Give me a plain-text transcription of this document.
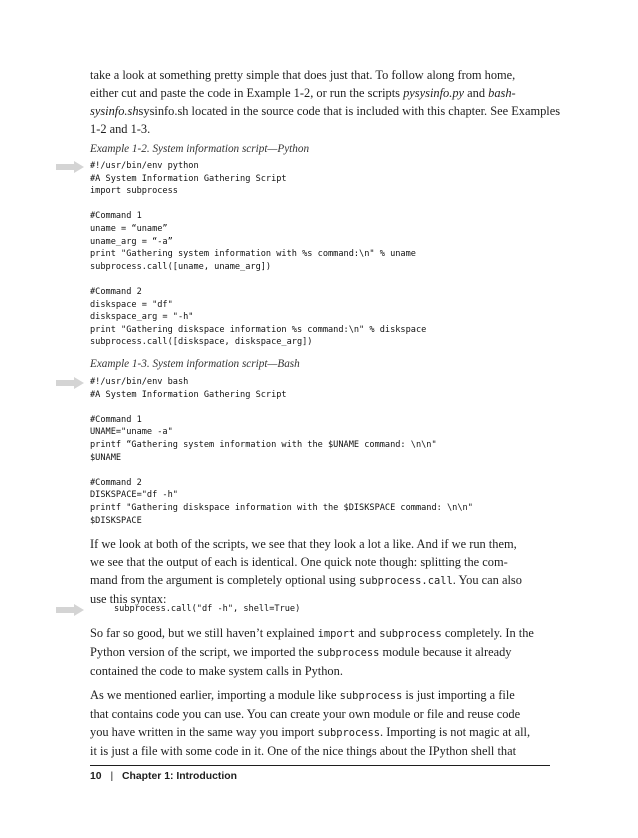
take a look at something pretty simple that does just that. To follow along from home,
either cut and paste the code in Example 1-2, or run the scripts pysysinfo.py and bash-
sysinfo.shsysinfo.sh located in the source code that is included with this chapter. See Examples
1-2 and 1-3.
Example 1-2. System information script—Python
#!/usr/bin/env python
#A System Information Gathering Script
import subprocess
#Command 1
uname = “uname”
uname_arg = “-a”
print "Gathering system information with %s command:\n" % uname
subprocess.call([uname, uname_arg])
#Command 2
diskspace = "df"
diskspace_arg = "-h"
print "Gathering diskspace information %s command:\n" % diskspace
subprocess.call([diskspace, diskspace_arg])
Example 1-3. System information script—Bash
#!/usr/bin/env bash
#A System Information Gathering Script
#Command 1
UNAME="uname -a"
printf “Gathering system information with the $UNAME command: \n\n"
$UNAME
#Command 2
DISKSPACE="df -h"
printf "Gathering diskspace information with the $DISKSPACE command: \n\n"
$DISKSPACE
If we look at both of the scripts, we see that they look a lot a like. And if we run them,
we see that the output of each is identical. One quick note though: splitting the com-
mand from the argument is completely optional using subprocess.call. You can also
use this syntax:
subprocess.call("df -h", shell=True)
So far so good, but we still haven’t explained import and subprocess completely. In the
Python version of the script, we imported the subprocess module because it already
contained the code to make system calls in Python.
As we mentioned earlier, importing a module like subprocess is just importing a file
that contains code you can use. You can create your own module or file and reuse code
you have written in the same way you import subprocess. Importing is not magic at all,
it is just a file with some code in it. One of the nice things about the IPython shell that
10 | Chapter 1: Introduction
